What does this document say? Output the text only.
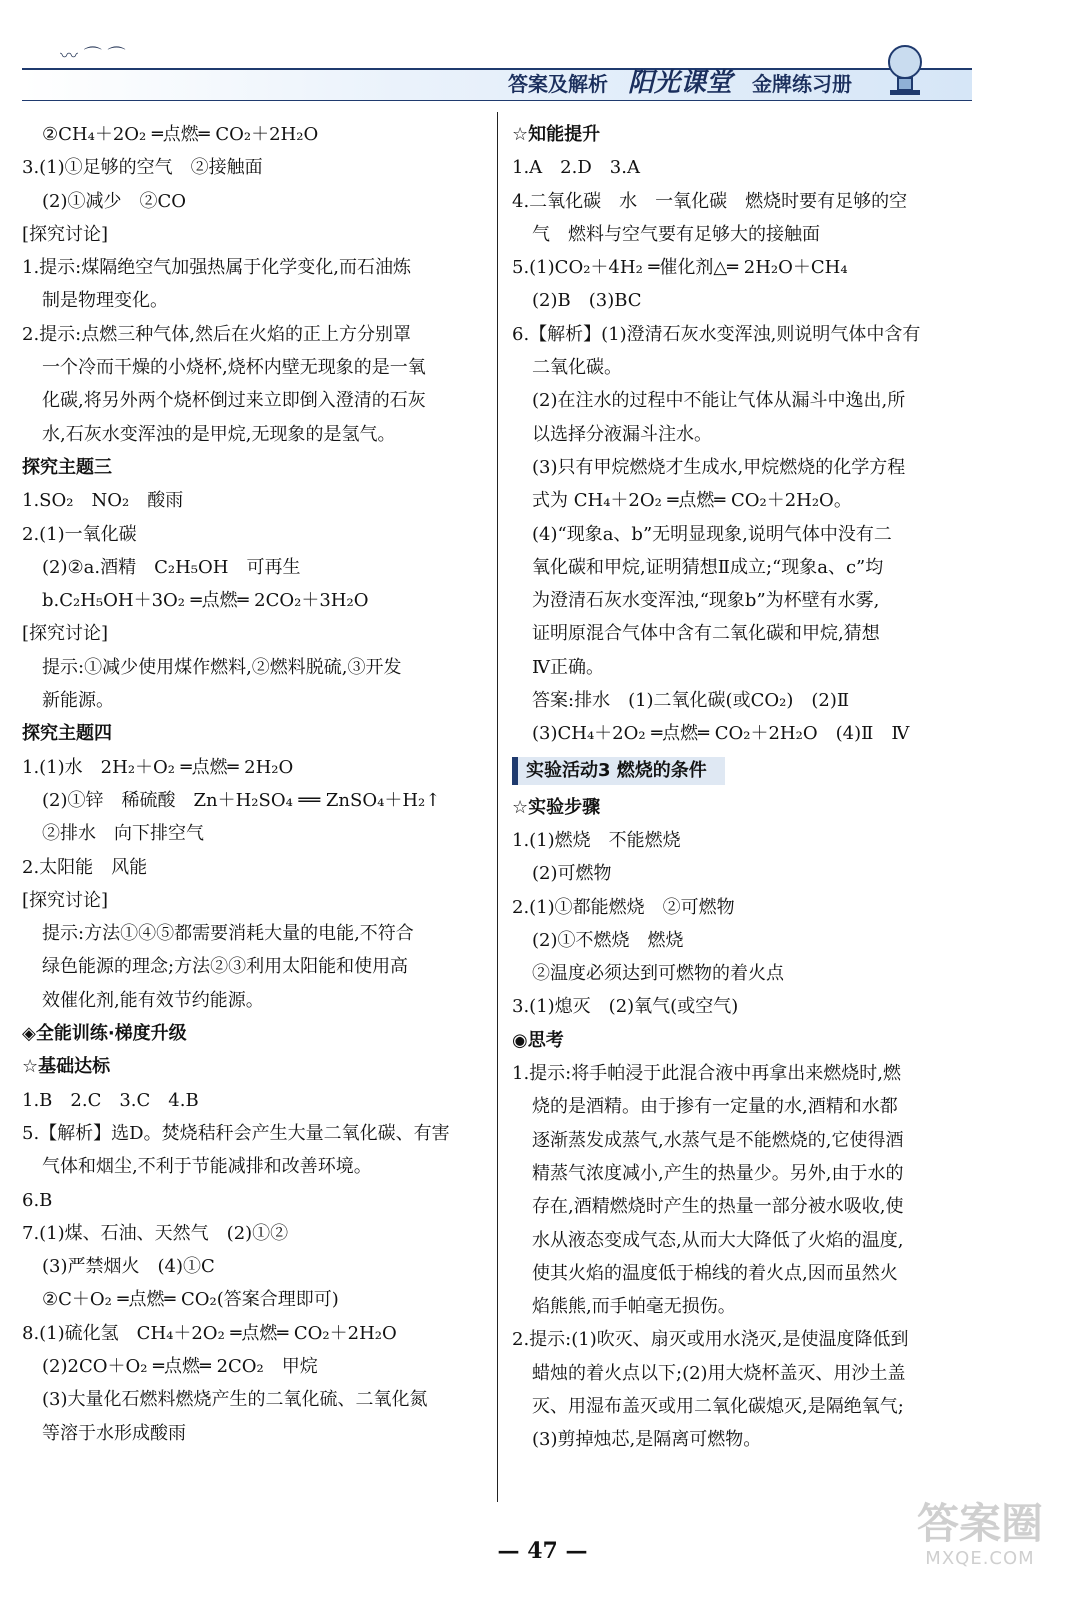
答案及解析 阳光课堂 金牌练习册
〰 ⌒ ⌒
②CH₄＋2O₂ ═点燃═ CO₂＋2H₂O
3.(1)①足够的空气　②接触面
(2)①减少　②CO
[探究讨论]
1.提示:煤隔绝空气加强热属于化学变化,而石油炼
制是物理变化。
2.提示:点燃三种气体,然后在火焰的正上方分别罩
一个冷而干燥的小烧杯,烧杯内壁无现象的是一氧
化碳,将另外两个烧杯倒过来立即倒入澄清的石灰
水,石灰水变浑浊的是甲烷,无现象的是氢气。
探究主题三
1.SO₂　NO₂　酸雨
2.(1)一氧化碳
(2)②a.酒精　C₂H₅OH　可再生
b.C₂H₅OH＋3O₂ ═点燃═ 2CO₂＋3H₂O
[探究讨论]
提示:①减少使用煤作燃料,②燃料脱硫,③开发
新能源。
探究主题四
1.(1)水　2H₂＋O₂ ═点燃═ 2H₂O
(2)①锌　稀硫酸　Zn＋H₂SO₄ ══ ZnSO₄＋H₂↑
②排水　向下排空气
2.太阳能　风能
[探究讨论]
提示:方法①④⑤都需要消耗大量的电能,不符合
绿色能源的理念;方法②③利用太阳能和使用高
效催化剂,能有效节约能源。
◈全能训练·梯度升级
☆基础达标
1.B　2.C　3.C　4.B
5.【解析】选D。焚烧秸秆会产生大量二氧化碳、有害
气体和烟尘,不利于节能减排和改善环境。
6.B
7.(1)煤、石油、天然气　(2)①②
(3)严禁烟火　(4)①C
②C＋O₂ ═点燃═ CO₂(答案合理即可)
8.(1)硫化氢　CH₄＋2O₂ ═点燃═ CO₂＋2H₂O
(2)2CO＋O₂ ═点燃═ 2CO₂　甲烷
(3)大量化石燃料燃烧产生的二氧化硫、二氧化氮
等溶于水形成酸雨
☆知能提升
1.A　2.D　3.A
4.二氧化碳　水　一氧化碳　燃烧时要有足够的空
气　燃料与空气要有足够大的接触面
5.(1)CO₂＋4H₂ ═催化剂△═ 2H₂O＋CH₄
(2)B　(3)BC
6.【解析】(1)澄清石灰水变浑浊,则说明气体中含有
二氧化碳。
(2)在注水的过程中不能让气体从漏斗中逸出,所
以选择分液漏斗注水。
(3)只有甲烷燃烧才生成水,甲烷燃烧的化学方程
式为 CH₄＋2O₂ ═点燃═ CO₂＋2H₂O。
(4)“现象a、b”无明显现象,说明气体中没有二
氧化碳和甲烷,证明猜想Ⅱ成立;“现象a、c”均
为澄清石灰水变浑浊,“现象b”为杯壁有水雾,
证明原混合气体中含有二氧化碳和甲烷,猜想
Ⅳ正确。
答案:排水　(1)二氧化碳(或CO₂)　(2)Ⅱ
(3)CH₄＋2O₂ ═点燃═ CO₂＋2H₂O　(4)Ⅱ　Ⅳ
实验活动3 燃烧的条件
☆实验步骤
1.(1)燃烧　不能燃烧
(2)可燃物
2.(1)①都能燃烧　②可燃物
(2)①不燃烧　燃烧
②温度必须达到可燃物的着火点
3.(1)熄灭　(2)氧气(或空气)
◉思考
1.提示:将手帕浸于此混合液中再拿出来燃烧时,燃
烧的是酒精。由于掺有一定量的水,酒精和水都
逐渐蒸发成蒸气,水蒸气是不能燃烧的,它使得酒
精蒸气浓度减小,产生的热量少。另外,由于水的
存在,酒精燃烧时产生的热量一部分被水吸收,使
水从液态变成气态,从而大大降低了火焰的温度,
使其火焰的温度低于棉线的着火点,因而虽然火
焰熊熊,而手帕毫无损伤。
2.提示:(1)吹灭、扇灭或用水浇灭,是使温度降低到
蜡烛的着火点以下;(2)用大烧杯盖灭、用沙土盖
灭、用湿布盖灭或用二氧化碳熄灭,是隔绝氧气;
(3)剪掉烛芯,是隔离可燃物。
— 47 —
答案圈
MXQE.COM
